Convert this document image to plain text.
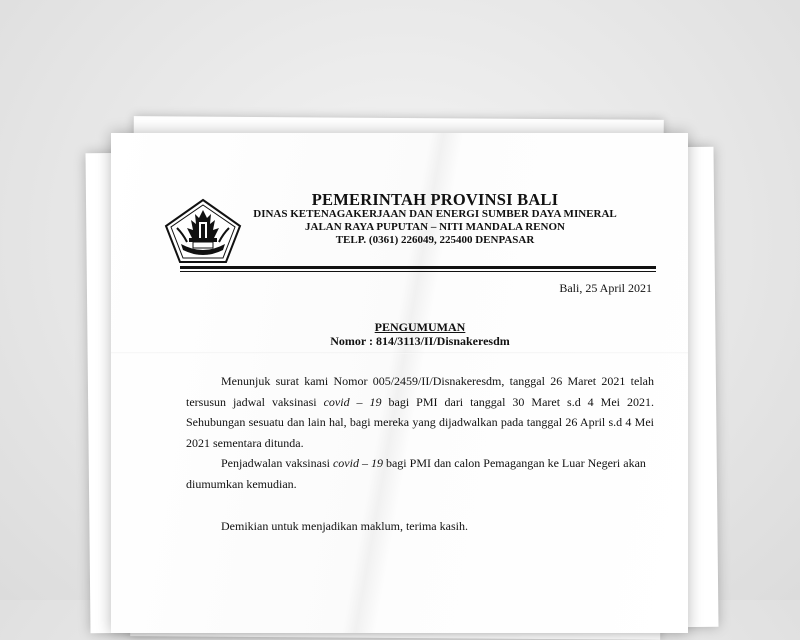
PEMERINTAH PROVINSI BALI
DINAS KETENAGAKERJAAN DAN ENERGI SUMBER DAYA MINERAL
JALAN RAYA PUPUTAN – NITI MANDALA RENON
TELP. (0361) 226049, 225400 DENPASAR
Bali, 25 April 2021
PENGUMUMAN
Nomor : 814/3113/II/Disnakeresdm
Menunjuk surat kami Nomor 005/2459/II/Disnakeresdm, tanggal 26 Maret 2021 telah tersusun jadwal vaksinasi covid – 19 bagi PMI dari tanggal 30 Maret s.d 4 Mei 2021. Sehubungan sesuatu dan lain hal, bagi mereka yang dijadwalkan pada tanggal 26 April s.d 4 Mei 2021 sementara ditunda.
Penjadwalan vaksinasi covid – 19 bagi PMI dan calon Pemagangan ke Luar Negeri akan diumumkan kemudian.
Demikian untuk menjadikan maklum, terima kasih.
